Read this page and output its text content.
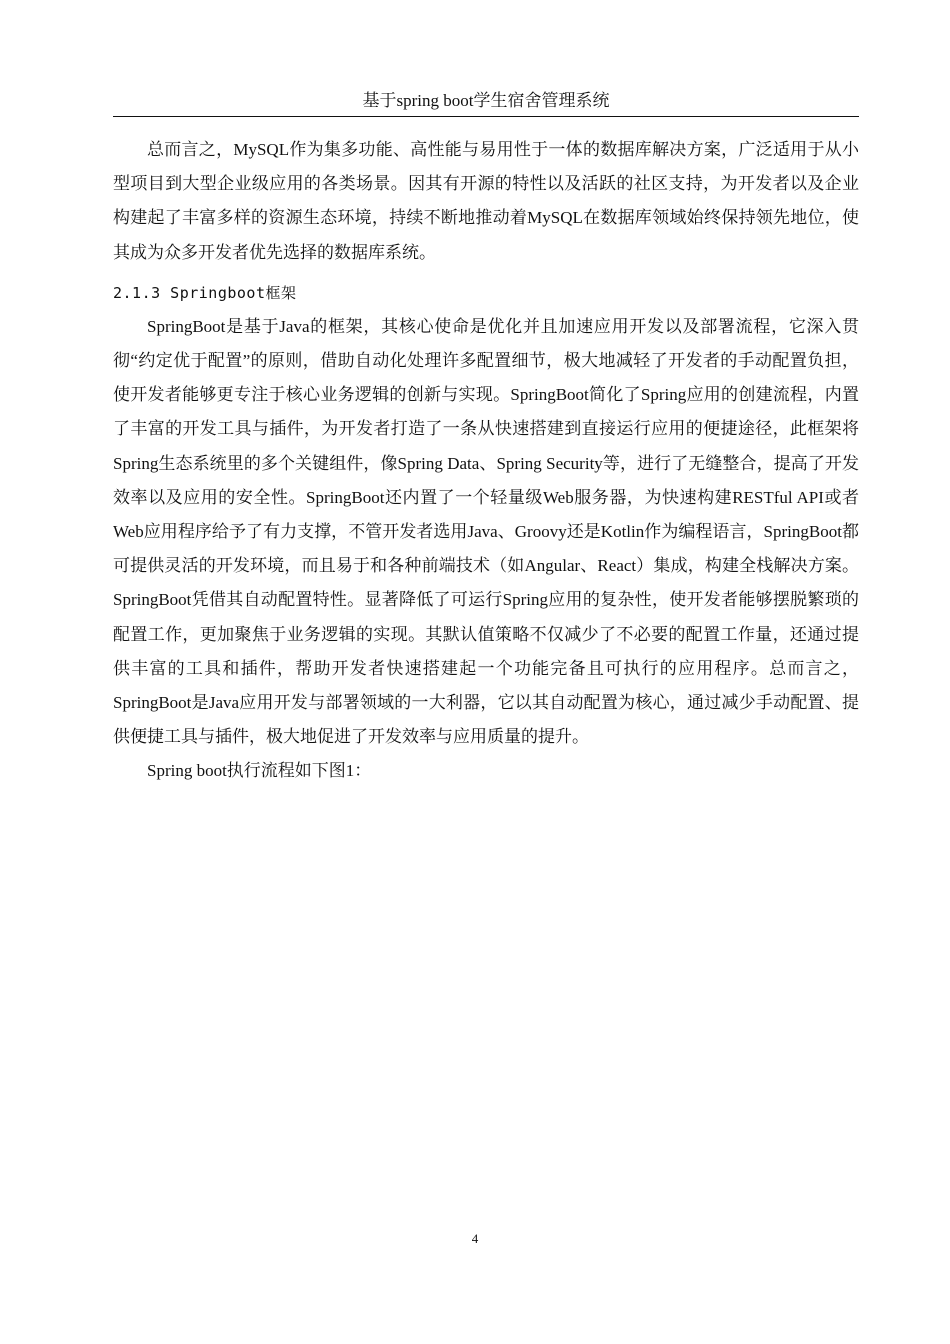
基于spring boot学生宿舍管理系统

总而言之，MySQL作为集多功能、高性能与易用性于一体的数据库解决方案，广泛适用于从小型项目到大型企业级应用的各类场景。因其有开源的特性以及活跃的社区支持，为开发者以及企业构建起了丰富多样的资源生态环境，持续不断地推动着MySQL在数据库领域始终保持领先地位，使其成为众多开发者优先选择的数据库系统。

2.1.3 Springboot框架

SpringBoot是基于Java的框架，其核心使命是优化并且加速应用开发以及部署流程，它深入贯彻“约定优于配置”的原则，借助自动化处理许多配置细节，极大地减轻了开发者的手动配置负担，使开发者能够更专注于核心业务逻辑的创新与实现。SpringBoot简化了Spring应用的创建流程，内置了丰富的开发工具与插件，为开发者打造了一条从快速搭建到直接运行应用的便捷途径，此框架将Spring生态系统里的多个关键组件，像Spring Data、Spring Security等，进行了无缝整合，提高了开发效率以及应用的安全性。SpringBoot还内置了一个轻量级Web服务器，为快速构建RESTful API或者Web应用程序给予了有力支撑，不管开发者选用Java、Groovy还是Kotlin作为编程语言，SpringBoot都可提供灵活的开发环境，而且易于和各种前端技术（如Angular、React）集成，构建全栈解决方案。SpringBoot凭借其自动配置特性。显著降低了可运行Spring应用的复杂性，使开发者能够摆脱繁琐的配置工作，更加聚焦于业务逻辑的实现。其默认值策略不仅减少了不必要的配置工作量，还通过提供丰富的工具和插件，帮助开发者快速搭建起一个功能完备且可执行的应用程序。总而言之，SpringBoot是Java应用开发与部署领域的一大利器，它以其自动配置为核心，通过减少手动配置、提供便捷工具与插件，极大地促进了开发效率与应用质量的提升。

Spring boot执行流程如下图1：

4
